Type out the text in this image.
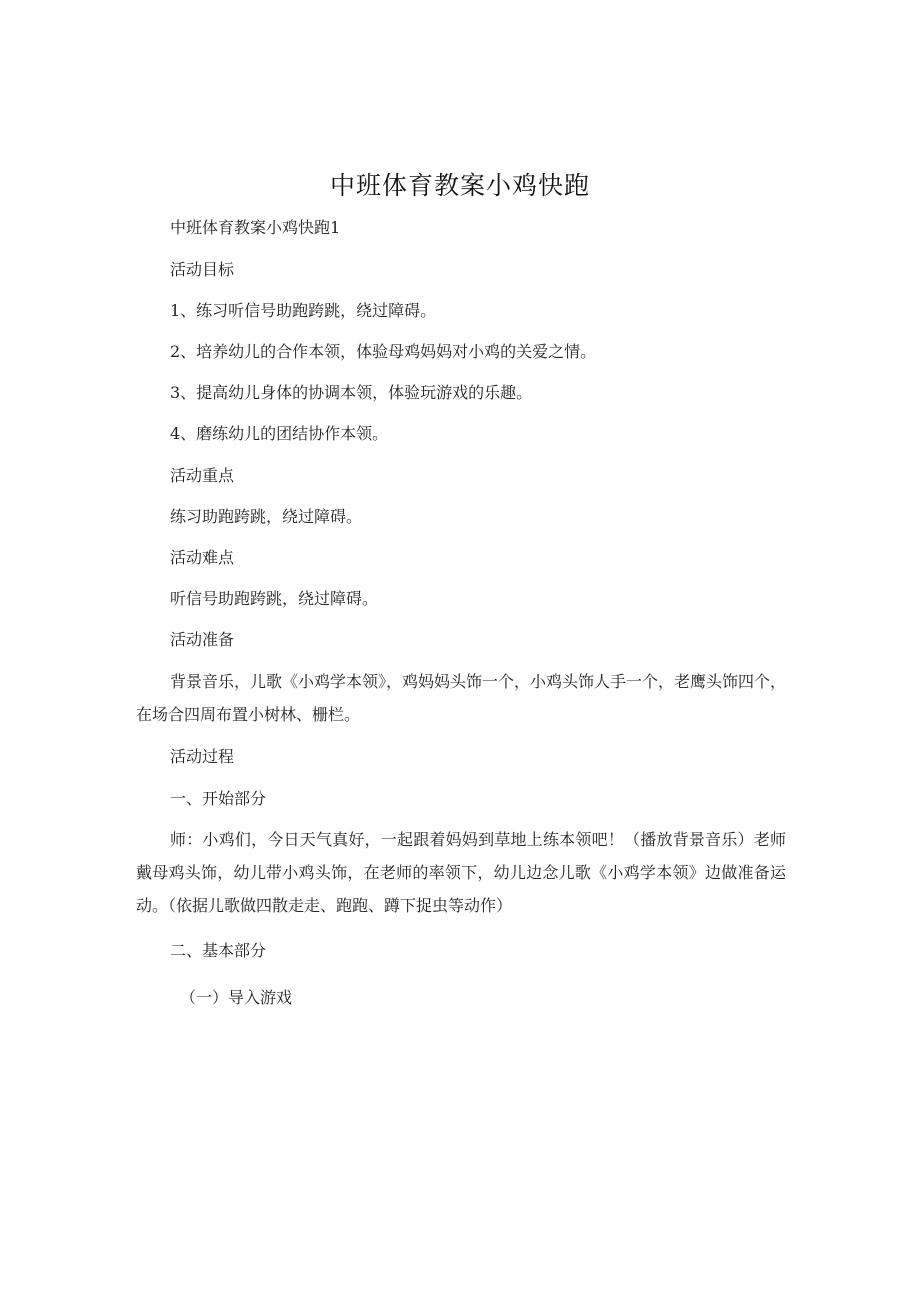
中班体育教案小鸡快跑
中班体育教案小鸡快跑1
活动目标
1、练习听信号助跑跨跳，绕过障碍。
2、培养幼儿的合作本领，体验母鸡妈妈对小鸡的关爱之情。
3、提高幼儿身体的协调本领，体验玩游戏的乐趣。
4、磨练幼儿的团结协作本领。
活动重点
练习助跑跨跳，绕过障碍。
活动难点
听信号助跑跨跳，绕过障碍。
活动准备
背景音乐，儿歌《小鸡学本领》，鸡妈妈头饰一个，小鸡头饰人手一个，老鹰头饰四个，在场合四周布置小树林、栅栏。
活动过程
一、开始部分
师：小鸡们，今日天气真好，一起跟着妈妈到草地上练本领吧！（播放背景音乐）老师戴母鸡头饰，幼儿带小鸡头饰，在老师的率领下，幼儿边念儿歌《小鸡学本领》边做准备运动。（依据儿歌做四散走走、跑跑、蹲下捉虫等动作）
二、基本部分
（一）导入游戏
